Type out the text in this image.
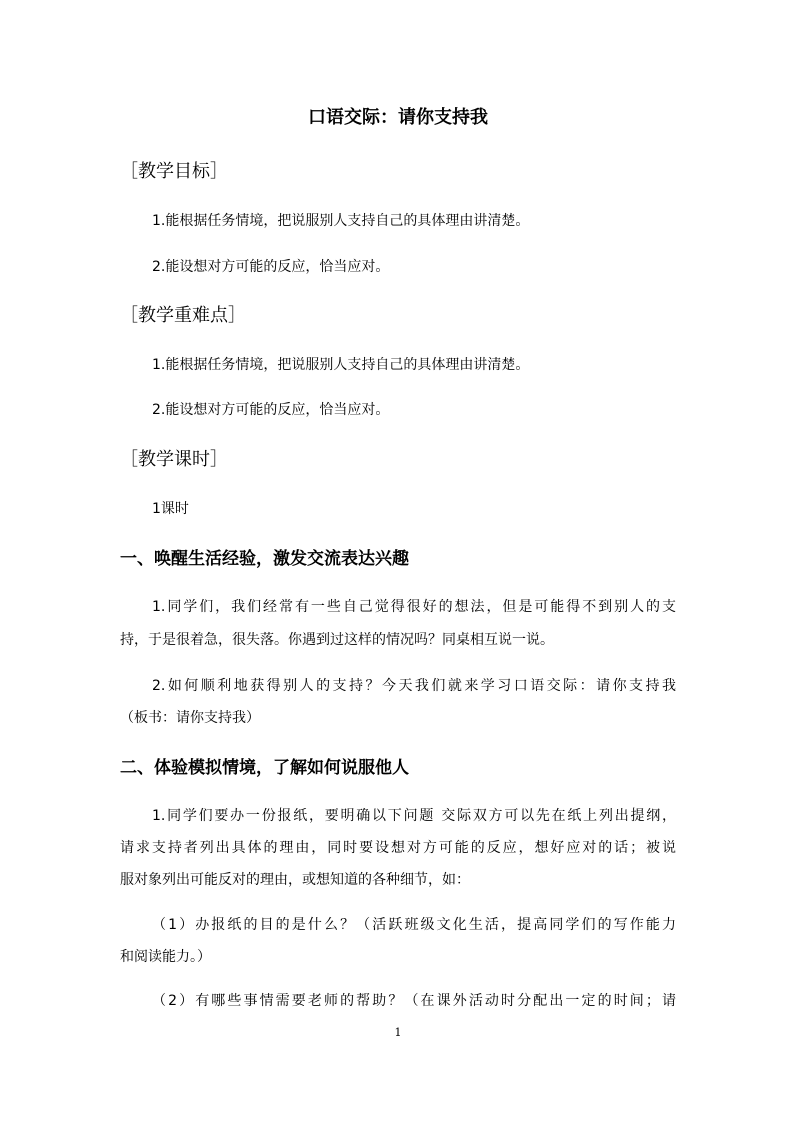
口语交际：请你支持我
［教学目标］
1.能根据任务情境，把说服别人支持自己的具体理由讲清楚。
2.能设想对方可能的反应，恰当应对。
［教学重难点］
1.能根据任务情境，把说服别人支持自己的具体理由讲清楚。
2.能设想对方可能的反应，恰当应对。
［教学课时］
1课时
一、唤醒生活经验，激发交流表达兴趣
1.同学们，我们经常有一些自己觉得很好的想法，但是可能得不到别人的支
持，于是很着急，很失落。你遇到过这样的情况吗？同桌相互说一说。
2.如何顺利地获得别人的支持？今天我们就来学习口语交际：请你支持我
（板书：请你支持我）
二、体验模拟情境，了解如何说服他人
1.同学们要办一份报纸，要明确以下问题 交际双方可以先在纸上列出提纲，
请求支持者列出具体的理由，同时要设想对方可能的反应，想好应对的话；被说
服对象列出可能反对的理由，或想知道的各种细节，如：
（1）办报纸的目的是什么？（活跃班级文化生活，提高同学们的写作能力
和阅读能力。）
（2）有哪些事情需要老师的帮助？（在课外活动时分配出一定的时间；请
1
